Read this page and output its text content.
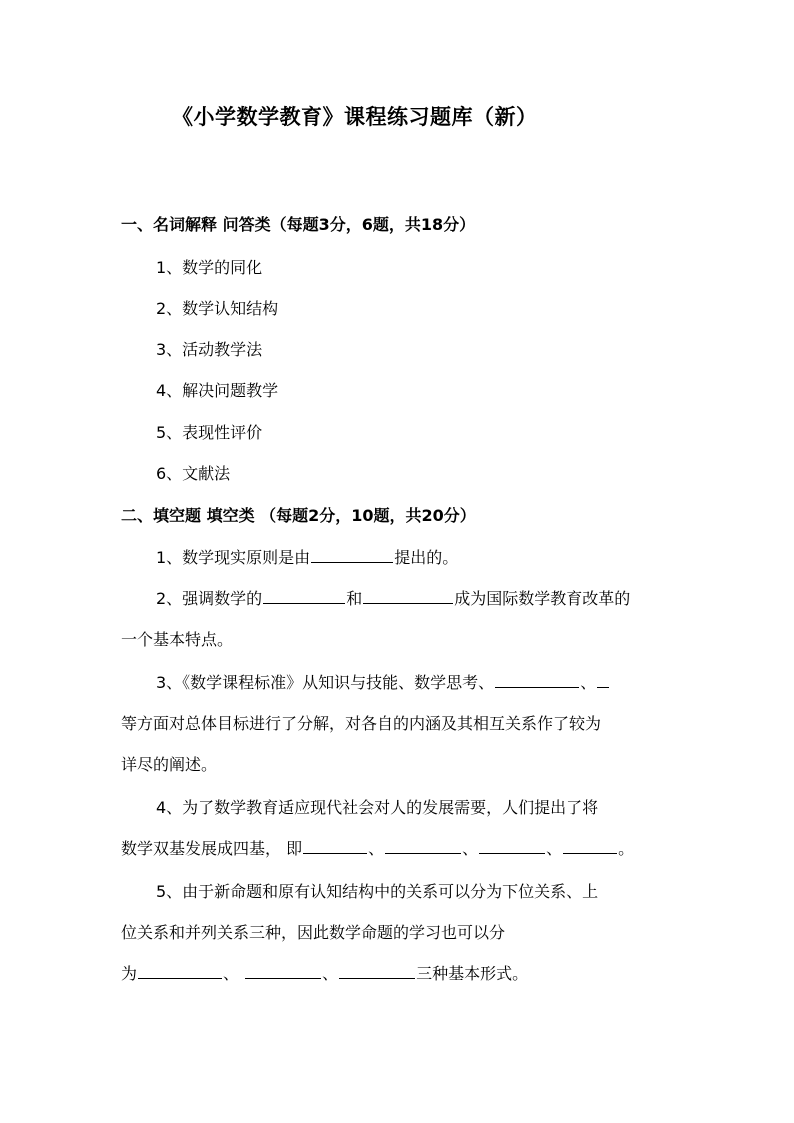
《小学数学教育》课程练习题库（新）
一、名词解释 问答类（每题3分，6题，共18分）
1、数学的同化
2、数学认知结构
3、活动教学法
4、解决问题教学
5、表现性评价
6、文献法
二、填空题 填空类 （每题2分，10题，共20分）
1、数学现实原则是由	提出的。
2、强调数学的	和	成为国际数学教育改革的
一个基本特点。
3、《数学课程标准》从知识与技能、数学思考、	、
等方面对总体目标进行了分解，对各自的内涵及其相互关系作了较为
详尽的阐述。
4、为了数学教育适应现代社会对人的发展需要，人们提出了将
数学双基发展成四基， 即	、	、	、	。
5、由于新命题和原有认知结构中的关系可以分为下位关系、上
位关系和并列关系三种，因此数学命题的学习也可以分
为	、	、	三种基本形式。
